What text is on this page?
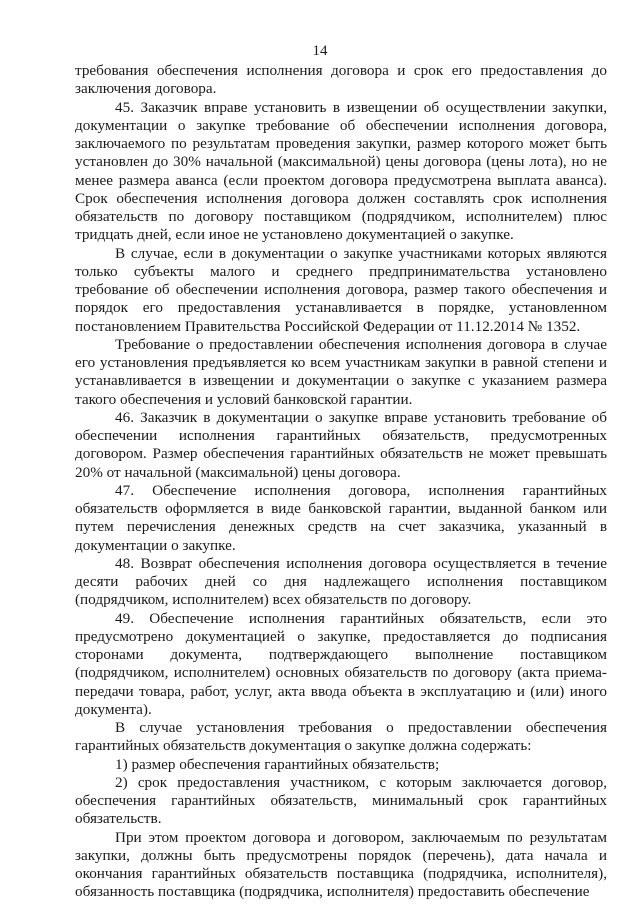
14

требования обеспечения исполнения договора и срок его предоставления до заключения договора.

45. Заказчик вправе установить в извещении об осуществлении закупки, документации о закупке требование об обеспечении исполнения договора, заключаемого по результатам проведения закупки, размер которого может быть установлен до 30% начальной (максимальной) цены договора (цены лота), но не менее размера аванса (если проектом договора предусмотрена выплата аванса). Срок обеспечения исполнения договора должен составлять срок исполнения обязательств по договору поставщиком (подрядчиком, исполнителем) плюс тридцать дней, если иное не установлено документацией о закупке.

В случае, если в документации о закупке участниками которых являются только субъекты малого и среднего предпринимательства установлено требование об обеспечении исполнения договора, размер такого обеспечения и порядок его предоставления устанавливается в порядке, установленном постановлением Правительства Российской Федерации от 11.12.2014 № 1352.

Требование о предоставлении обеспечения исполнения договора в случае его установления предъявляется ко всем участникам закупки в равной степени и устанавливается в извещении и документации о закупке с указанием размера такого обеспечения и условий банковской гарантии.

46. Заказчик в документации о закупке вправе установить требование об обеспечении исполнения гарантийных обязательств, предусмотренных договором. Размер обеспечения гарантийных обязательств не может превышать 20% от начальной (максимальной) цены договора.

47. Обеспечение исполнения договора, исполнения гарантийных обязательств оформляется в виде банковской гарантии, выданной банком или путем перечисления денежных средств на счет заказчика, указанный в документации о закупке.

48. Возврат обеспечения исполнения договора осуществляется в течение десяти рабочих дней со дня надлежащего исполнения поставщиком (подрядчиком, исполнителем) всех обязательств по договору.

49. Обеспечение исполнения гарантийных обязательств, если это предусмотрено документацией о закупке, предоставляется до подписания сторонами документа, подтверждающего выполнение поставщиком (подрядчиком, исполнителем) основных обязательств по договору (акта приема-передачи товара, работ, услуг, акта ввода объекта в эксплуатацию и (или) иного документа).

В случае установления требования о предоставлении обеспечения гарантийных обязательств документация о закупке должна содержать:

1) размер обеспечения гарантийных обязательств;

2) срок предоставления участником, с которым заключается договор, обеспечения гарантийных обязательств, минимальный срок гарантийных обязательств.

При этом проектом договора и договором, заключаемым по результатам закупки, должны быть предусмотрены порядок (перечень), дата начала и окончания гарантийных обязательств поставщика (подрядчика, исполнителя), обязанность поставщика (подрядчика, исполнителя) предоставить обеспечение
